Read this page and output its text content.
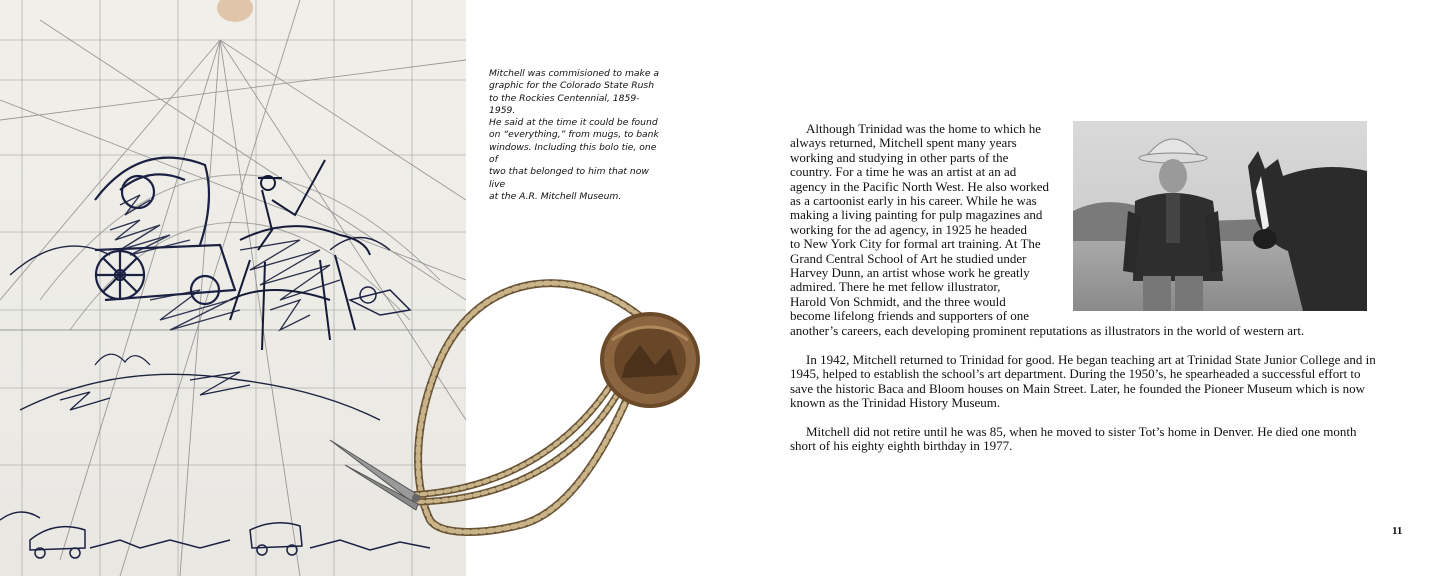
Mitchell was commisioned to make a
graphic for the Colorado State Rush
to the Rockies Centennial, 1859-1959.
He said at the time it could be found
on “everything,” from mugs, to bank
windows. Including this bolo tie, one of
two that belonged to him that now live
at the A.R. Mitchell Museum.
Although Trinidad was the home to which he
always returned, Mitchell spent many years
working and studying in other parts of the
country. For a time he was an artist at an ad
agency in the Pacific North West. He also worked
as a cartoonist early in his career. While he was
making a living painting for pulp magazines and
working for the ad agency, in 1925 he headed
to New York City for formal art training. At The
Grand Central School of Art he studied under
Harvey Dunn, an artist whose work he greatly
admired. There he met fellow illustrator,
Harold Von Schmidt, and the three would
become lifelong friends and supporters of one
another’s careers, each developing prominent reputations as illustrators in the world of western art.
In 1942, Mitchell returned to Trinidad for good. He began teaching art at Trinidad State Junior College and in 1945, helped to establish the school’s art department. During the 1950’s, he spearheaded a successful effort to save the historic Baca and Bloom houses on Main Street. Later, he founded the Pioneer Museum which is now known as the Trinidad History Museum.
Mitchell did not retire until he was 85, when he moved to sister Tot’s home in Denver. He died one month short of his eighty eighth birthday in 1977.
11
